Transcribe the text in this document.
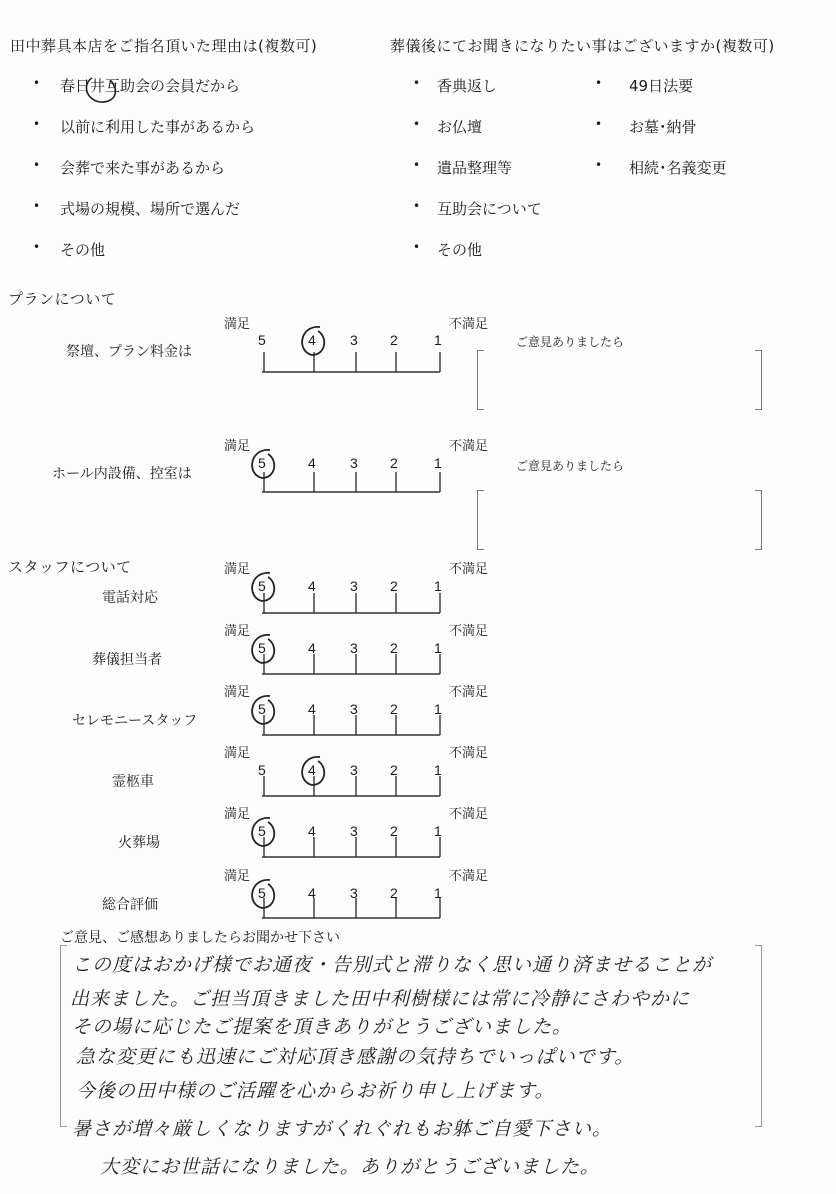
田中葬具本店をご指名頂いた理由は(複数可)	葬儀後にてお聞きになりたい事はございますか(複数可)
• 春日井互助会の会員だから
• 以前に利用した事があるから
• 会葬で来た事があるから
• 式場の規模、場所で選んだ
• その他
• 香典返し
• お仏壇
• 遺品整理等
• 互助会について
• その他
• 49日法要
• お墓･納骨
• 相続･名義変更
プランについて
スタッフについて
祭壇、プラン料金は
満足	不満足
5	4 3 2	1
ホール内設備、控室は
満足	不満足
5	4 3 2	1
電話対応
満足	不満足
5	4 3 2	1
葬儀担当者
満足	不満足
5	4 3 2	1
セレモニースタッフ
満足	不満足
5	4 3 2	1
霊柩車
満足	不満足
5	4 3 2	1
火葬場
満足	不満足
5	4 3 2	1
総合評価
満足	不満足
5	4 3 2	1
ご意見ありましたら
ご意見ありましたら
ご意見、ご感想ありましたらお聞かせ下さい
この度はおかげ様でお通夜・告別式と滞りなく思い通り済ませることが
出来ました。ご担当頂きました田中利樹様には常に冷静にさわやかに
その場に応じたご提案を頂きありがとうございました。
急な変更にも迅速にご対応頂き感謝の気持ちでいっぱいです。
今後の田中様のご活躍を心からお祈り申し上げます。
暑さが増々厳しくなりますがくれぐれもお躰ご自愛下さい。
大変にお世話になりました。ありがとうございました。
